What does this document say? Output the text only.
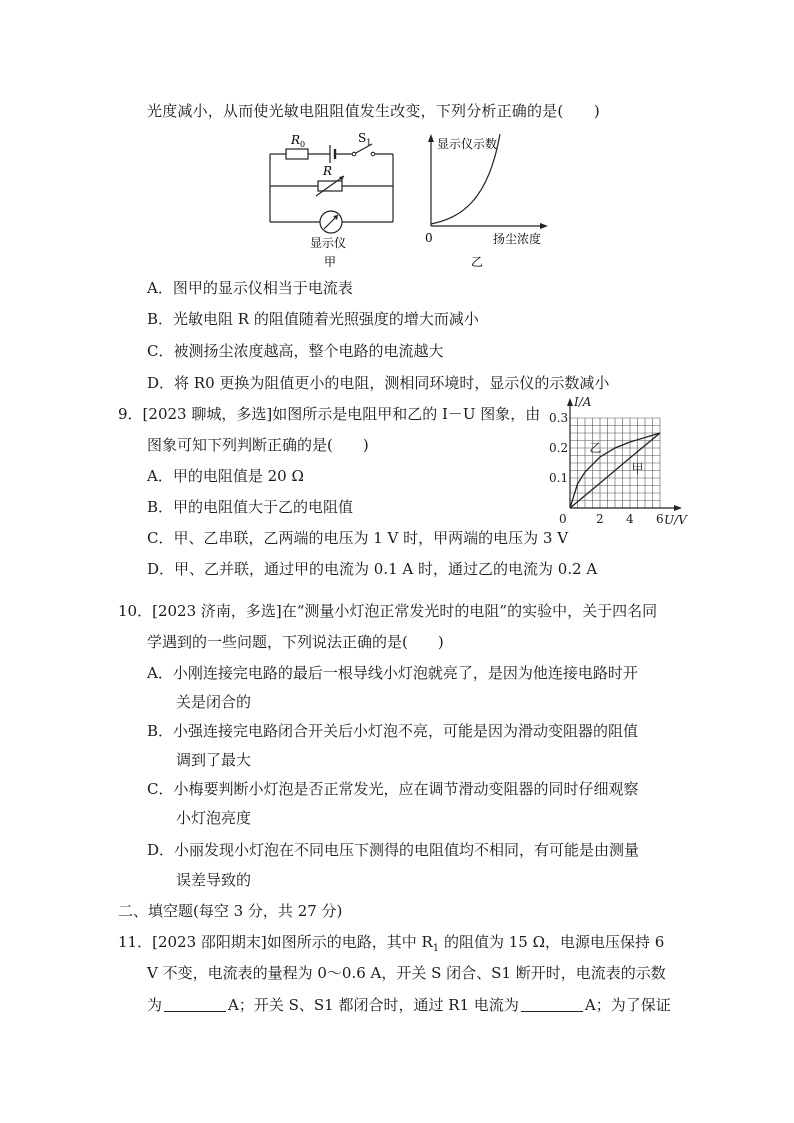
光度减小，从而使光敏电阻阻值发生改变，下列分析正确的是(　　)
$R_0$	$S_1$
R
显示仪
甲
显示仪示数
0	扬尘浓度
乙
A．图甲的显示仪相当于电流表
B．光敏电阻 R 的阻值随着光照强度的增大而减小
C．被测扬尘浓度越高，整个电路的电流越大
D．将 R0 更换为阻值更小的电阻，测相同环境时，显示仪的示数减小
9．[2023 聊城，多选]如图所示是电阻甲和乙的 I－U 图象，由
图象可知下列判断正确的是(　　)
A．甲的电阻值是 20 Ω
B．甲的电阻值大于乙的电阻值
C．甲、乙串联，乙两端的电压为 1 V 时，甲两端的电压为 3 V
D．甲、乙并联，通过甲的电流为 0.1 A 时，通过乙的电流为 0.2 A
甲
乙
2 4 6
0.1
0.2
0.3
0
I/A
U/V
10．[2023 济南，多选]在“测量小灯泡正常发光时的电阻”的实验中，关于四名同
学遇到的一些问题，下列说法正确的是(　　)
A．小刚连接完电路的最后一根导线小灯泡就亮了，是因为他连接电路时开
关是闭合的
B．小强连接完电路闭合开关后小灯泡不亮，可能是因为滑动变阻器的阻值
调到了最大
C．小梅要判断小灯泡是否正常发光，应在调节滑动变阻器的同时仔细观察
小灯泡亮度
D．小丽发现小灯泡在不同电压下测得的电阻值均不相同，有可能是由测量
误差导致的
二、填空题(每空 3 分，共 27 分)
11．[2023 邵阳期末]如图所示的电路，其中 $R_1$ 的阻值为 15 Ω，电源电压保持 6
V 不变，电流表的量程为 0～0.6 A，开关 S 闭合、S1 断开时，电流表的示数
为	A；开关 S、S1 都闭合时，通过 R1 电流为	A；为了保证
